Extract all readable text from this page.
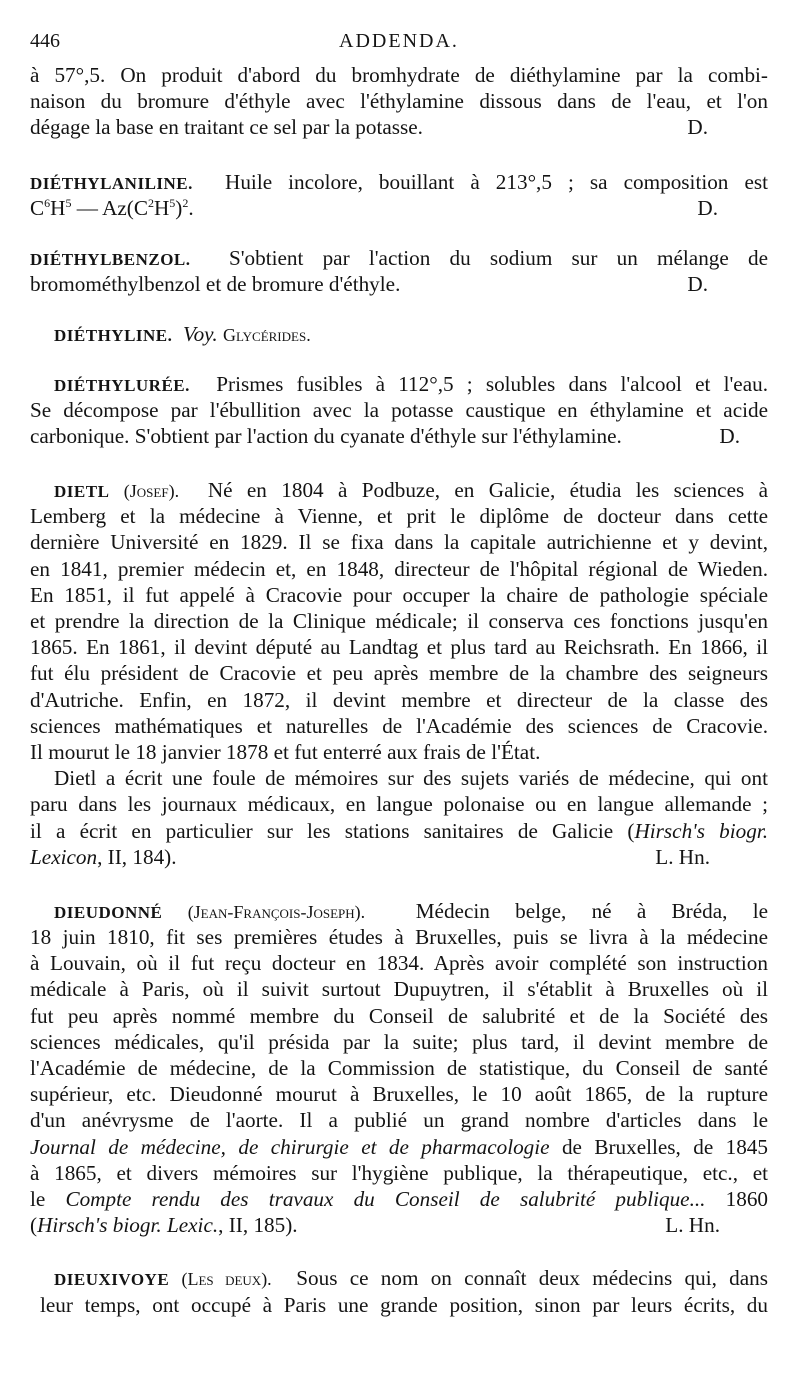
446	ADDENDA.
à 57°,5. On produit d'abord du bromhydrate de diéthylamine par la combi-
naison du bromure d'éthyle avec l'éthylamine dissous dans de l'eau, et l'on
dégage la base en traitant ce sel par la potasse.	D.
DIÉTHYLANILINE. Huile incolore, bouillant à 213°,5 ; sa composition est
$C^6H^5$ — $Az(C^2H^5)^2$.	D.
DIÉTHYLBENZOL. S'obtient par l'action du sodium sur un mélange de
bromométhylbenzol et de bromure d'éthyle.	D.
DIÉTHYLINE. Voy. Glycérides.
DIÉTHYLURÉE. Prismes fusibles à 112°,5 ; solubles dans l'alcool et l'eau.
Se décompose par l'ébullition avec la potasse caustique en éthylamine et acide
carbonique. S'obtient par l'action du cyanate d'éthyle sur l'éthylamine.	D.
DIETL (Josef). Né en 1804 à Podbuze, en Galicie, étudia les sciences à
Lemberg et la médecine à Vienne, et prit le diplôme de docteur dans cette
dernière Université en 1829. Il se fixa dans la capitale autrichienne et y devint,
en 1841, premier médecin et, en 1848, directeur de l'hôpital régional de Wieden.
En 1851, il fut appelé à Cracovie pour occuper la chaire de pathologie spéciale
et prendre la direction de la Clinique médicale; il conserva ces fonctions jusqu'en
1865. En 1861, il devint député au Landtag et plus tard au Reichsrath. En 1866, il
fut élu président de Cracovie et peu après membre de la chambre des seigneurs
d'Autriche. Enfin, en 1872, il devint membre et directeur de la classe des
sciences mathématiques et naturelles de l'Académie des sciences de Cracovie.
Il mourut le 18 janvier 1878 et fut enterré aux frais de l'État.
Dietl a écrit une foule de mémoires sur des sujets variés de médecine, qui ont
paru dans les journaux médicaux, en langue polonaise ou en langue allemande ;
il a écrit en particulier sur les stations sanitaires de Galicie (Hirsch's biogr.
Lexicon, II, 184).	L. Hn.
DIEUDONNÉ (Jean-François-Joseph). Médecin belge, né à Bréda, le
18 juin 1810, fit ses premières études à Bruxelles, puis se livra à la médecine
à Louvain, où il fut reçu docteur en 1834. Après avoir complété son instruction
médicale à Paris, où il suivit surtout Dupuytren, il s'établit à Bruxelles où il
fut peu après nommé membre du Conseil de salubrité et de la Société des
sciences médicales, qu'il présida par la suite; plus tard, il devint membre de
l'Académie de médecine, de la Commission de statistique, du Conseil de santé
supérieur, etc. Dieudonné mourut à Bruxelles, le 10 août 1865, de la rupture
d'un anévrysme de l'aorte. Il a publié un grand nombre d'articles dans le
Journal de médecine, de chirurgie et de pharmacologie de Bruxelles, de 1845
à 1865, et divers mémoires sur l'hygiène publique, la thérapeutique, etc., et
le Compte rendu des travaux du Conseil de salubrité publique... 1860
(Hirsch's biogr. Lexic., II, 185).	L. Hn.
DIEUXIVOYE (Les deux). Sous ce nom on connaît deux médecins qui, dans
leur temps, ont occupé à Paris une grande position, sinon par leurs écrits, du
